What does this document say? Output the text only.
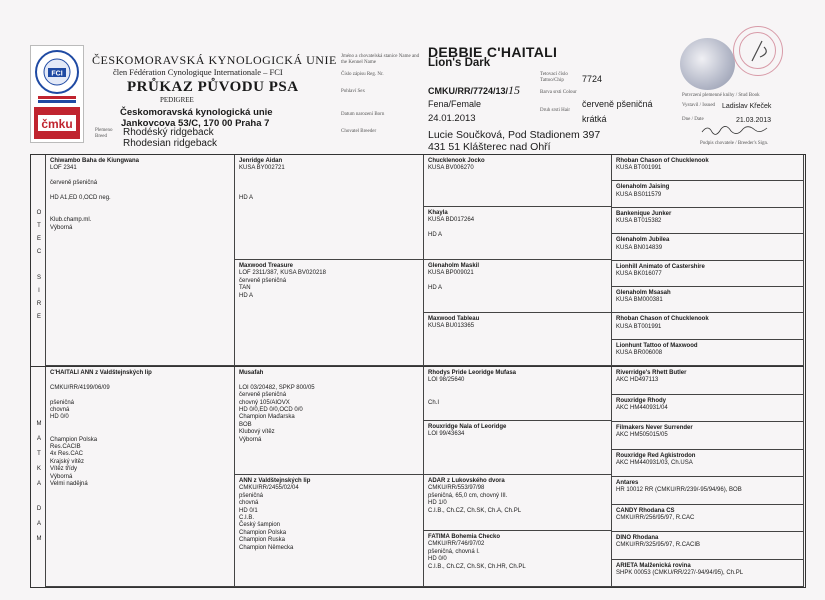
FCI
čmku
ČESKOMORAVSKÁ KYNOLOGICKÁ UNIE
člen Fédération Cynologique Internationale – FCI
PRŮKAZ PŮVODU PSA
PEDIGREE
Českomoravská kynologická unie
Jankovcova 53/C, 170 00 Praha 7
Plemeno Breed	Rhodéský ridgeback
Rhodesian ridgeback
Jméno a chovatelská stanice Name and the Kennel Name
Číslo zápisu Reg. Nr.
Pohlaví Sex
Datum narození Born
Chovatel Breeder
DEBBIE C'HAITALI
Lion's Dark
CMKU/RR/7724/13/15
Fena/Female
24.01.2013
Lucie Součková, Pod Stadionem 397
431 51 Klášterec nad Ohří
Tetovací číslo Tattoo/Chip
Barva srsti Colour
Druh srsti Hair
7724
červeně pšeničná
krátká
Potvrzení plemenné knihy / Stud Book
Vystavil / Issued Ladislav Křeček
Dne / Date	21.03.2013
Podpis chovatele / Breeder's Sign.
O
T
E
C
S
I
R
E
M
A
T
K
A
D
A
M
Chiwambo Baha de Kiungwana
LOF 2341
červeně pšeničná
HD A1,ED 0,OCD neg.
Klub.champ.ml.
Výborná
Jenridge Aidan
KUSA BY002721
HD A
Maxwood Treasure
LOF 2311/387, KUSA BV020218
červeně pšeničná
TAN
HD A
Chucklenook Jocko
KUSA BV006270
Khayla
KUSA BD017264
HD A
Glenaholm Maskil
KUSA BP009021
HD A
Maxwood Tableau
KUSA BU013365
Rhoban Chason of Chucklenook
KUSA BT001991
Glenaholm Jaising
KUSA BS011579
Bankenique Junker
KUSA BT015382
Glenaholm Jubilea
KUSA BN014839
Lionhill Animato of Castershire
KUSA BK016077
Glenaholm Msasah
KUSA BM000381
Rhoban Chason of Chucklenook
KUSA BT001991
Lionhunt Tattoo of Maxwood
KUSA BR006008
C'HAITALI ANN z Valdštejnských lip
CMKU/RR/4199/06/09
pšeničná
chovná
HD 0/0
Champion Polska
Res.CACIB
4x Res.CAC
Krajský vítěz
Vítěz třídy
Výborná
Velmi nadějná
Musafah
LOI 03/20482, SPKP 800/05
červeně pšeničná
chovný 105/AIOVX
HD 0/0,ED 0/0,OCD 0/0
Champion Maďarska
BOB
Klubový vítěz
Výborná
ANN z Valdštejnských lip
CMKU/RR/2455/02/04
pšeničná
chovná
HD 0/1
C.I.B.
Český šampion
Champion Polska
Champion Ruska
Champion Německa
Rhodys Pride Leoridge Mufasa
LOI 98/25640
Ch.I
Rouxridge Nala of Leoridge
LOI 99/43634
ADAR z Lukovského dvora
CMKU/RR/553/97/98
pšeničná, 65,0 cm, chovný III.
HD 1/0
C.I.B., Ch.CZ, Ch.SK, Ch.A, Ch.PL
FATIMA Bohemia Checko
CMKU/RR/746/97/02
pšeničná, chovná I.
HD 0/0
C.I.B., Ch.CZ, Ch.SK, Ch.HR, Ch.PL
Riverridge's Rhett Butler
AKC HD497113
Rouxridge Rhody
AKC HM440931/04
Filmakers Never Surrender
AKC HM505015/05
Rouxridge Red Agkistrodon
AKC HM440931/03, Ch.USA
Antares
HR 10012 RR (CMKU/RR/239/-95/94/96), BOB
CANDY Rhodana CS
CMKU/RR/256/95/97, R.CAC
DINO Rhodana
CMKU/RR/325/95/97, R.CACIB
ARIETA Malženická rovina
SHPK 00053 (CMKU/RR/227/-94/94/95), Ch.PL
